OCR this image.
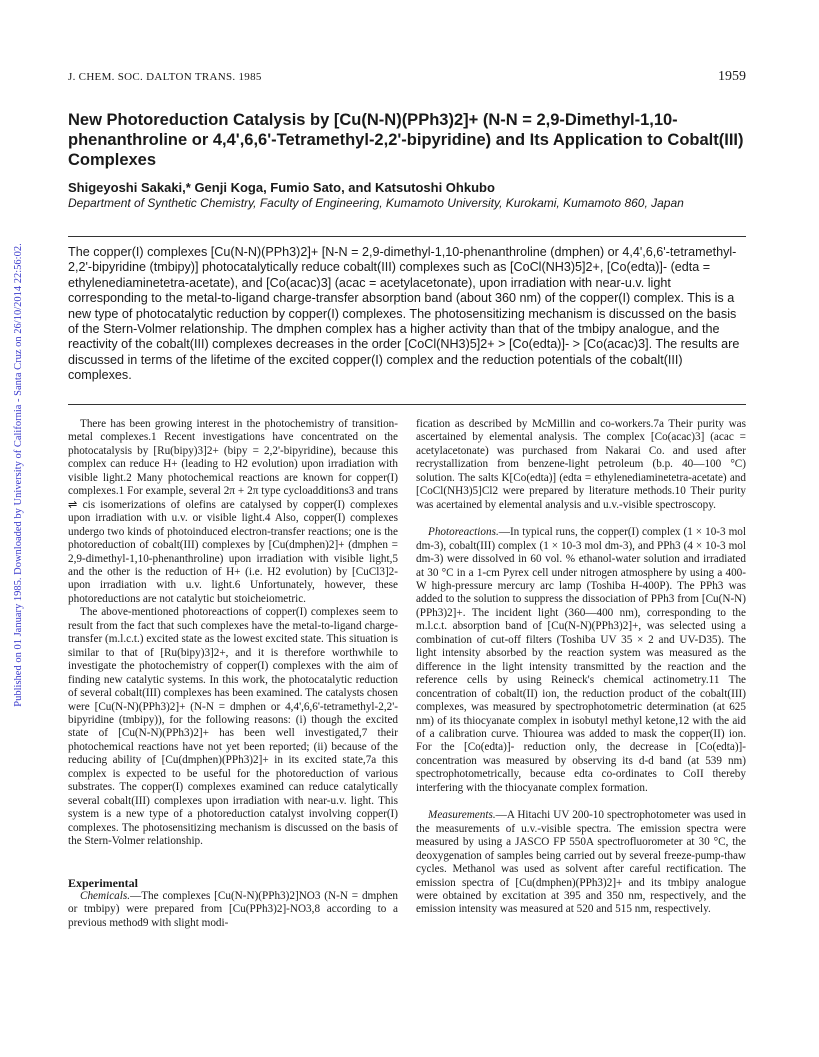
Published on 01 January 1985. Downloaded by University of California - Santa Cruz on 26/10/2014 22:56:02.
J. CHEM. SOC. DALTON TRANS. 1985	1959
New Photoreduction Catalysis by [Cu(N-N)(PPh3)2]+ (N-N = 2,9-Dimethyl-1,10-phenanthroline or 4,4',6,6'-Tetramethyl-2,2'-bipyridine) and Its Application to Cobalt(III) Complexes
Shigeyoshi Sakaki,* Genji Koga, Fumio Sato, and Katsutoshi Ohkubo
Department of Synthetic Chemistry, Faculty of Engineering, Kumamoto University, Kurokami, Kumamoto 860, Japan
The copper(I) complexes [Cu(N-N)(PPh3)2]+ [N-N = 2,9-dimethyl-1,10-phenanthroline (dmphen) or 4,4',6,6'-tetramethyl-2,2'-bipyridine (tmbipy)] photocatalytically reduce cobalt(III) complexes such as [CoCl(NH3)5]2+, [Co(edta)]- (edta = ethylenediaminetetra-acetate), and [Co(acac)3] (acac = acetylacetonate), upon irradiation with near-u.v. light corresponding to the metal-to-ligand charge-transfer absorption band (about 360 nm) of the copper(I) complex. This is a new type of photocatalytic reduction by copper(I) complexes. The photosensitizing mechanism is discussed on the basis of the Stern-Volmer relationship. The dmphen complex has a higher activity than that of the tmbipy analogue, and the reactivity of the cobalt(III) complexes decreases in the order [CoCl(NH3)5]2+ > [Co(edta)]- > [Co(acac)3]. The results are discussed in terms of the lifetime of the excited copper(I) complex and the reduction potentials of the cobalt(III) complexes.

There has been growing interest in the photochemistry of transition-metal complexes.1 Recent investigations have concentrated on the photocatalysis by [Ru(bipy)3]2+ (bipy = 2,2'-bipyridine), because this complex can reduce H+ (leading to H2 evolution) upon irradiation with visible light.2 Many photochemical reactions are known for copper(I) complexes.1 For example, several 2π + 2π type cycloadditions3 and trans ⇌ cis isomerizations of olefins are catalysed by copper(I) complexes upon irradiation with u.v. or visible light.4 Also, copper(I) complexes undergo two kinds of photoinduced electron-transfer reactions; one is the photoreduction of cobalt(III) complexes by [Cu(dmphen)2]+ (dmphen = 2,9-dimethyl-1,10-phenanthroline) upon irradiation with visible light,5 and the other is the reduction of H+ (i.e. H2 evolution) by [CuCl3]2- upon irradiation with u.v. light.6 Unfortunately, however, these photoreductions are not catalytic but stoicheiometric.

The above-mentioned photoreactions of copper(I) complexes seem to result from the fact that such complexes have the metal-to-ligand charge-transfer (m.l.c.t.) excited state as the lowest excited state. This situation is similar to that of [Ru(bipy)3]2+, and it is therefore worthwhile to investigate the photochemistry of copper(I) complexes with the aim of finding new catalytic systems. In this work, the photocatalytic reduction of several cobalt(III) complexes has been examined. The catalysts chosen were [Cu(N-N)(PPh3)2]+ (N-N = dmphen or 4,4',6,6'-tetramethyl-2,2'-bipyridine (tmbipy)), for the following reasons: (i) though the excited state of [Cu(N-N)(PPh3)2]+ has been well investigated,7 their photochemical reactions have not yet been reported; (ii) because of the reducing ability of [Cu(dmphen)(PPh3)2]+ in its excited state,7a this complex is expected to be useful for the photoreduction of various substrates. The copper(I) complexes examined can reduce catalytically several cobalt(III) complexes upon irradiation with near-u.v. light. This system is a new type of a photoreduction catalyst involving copper(I) complexes. The photosensitizing mechanism is discussed on the basis of the Stern-Volmer relationship.

Experimental

Chemicals.—The complexes [Cu(N-N)(PPh3)2]NO3 (N-N = dmphen or tmbipy) were prepared from [Cu(PPh3)2]-NO3,8 according to a previous method9 with slight modi-

fication as described by McMillin and co-workers.7a Their purity was ascertained by elemental analysis. The complex [Co(acac)3] (acac = acetylacetonate) was purchased from Nakarai Co. and used after recrystallization from benzene-light petroleum (b.p. 40—100 °C) solution. The salts K[Co(edta)] (edta = ethylenediaminetetra-acetate) and [CoCl(NH3)5]Cl2 were prepared by literature methods.10 Their purity was acertained by elemental analysis and u.v.-visible spectroscopy.

Photoreactions.—In typical runs, the copper(I) complex (1 × 10-3 mol dm-3), cobalt(III) complex (1 × 10-3 mol dm-3), and PPh3 (4 × 10-3 mol dm-3) were dissolved in 60 vol. % ethanol-water solution and irradiated at 30 °C in a 1-cm Pyrex cell under nitrogen atmosphere by using a 400-W high-pressure mercury arc lamp (Toshiba H-400P). The PPh3 was added to the solution to suppress the dissociation of PPh3 from [Cu(N-N)(PPh3)2]+. The incident light (360—400 nm), corresponding to the m.l.c.t. absorption band of [Cu(N-N)(PPh3)2]+, was selected using a combination of cut-off filters (Toshiba UV 35 × 2 and UV-D35). The light intensity absorbed by the reaction system was measured as the difference in the light intensity transmitted by the reaction and the reference cells by using Reineck's chemical actinometry.11 The concentration of cobalt(II) ion, the reduction product of the cobalt(III) complexes, was measured by spectrophotometric determination (at 625 nm) of its thiocyanate complex in isobutyl methyl ketone,12 with the aid of a calibration curve. Thiourea was added to mask the copper(II) ion. For the [Co(edta)]- reduction only, the decrease in [Co(edta)]- concentration was measured by observing its d-d band (at 539 nm) spectrophotometrically, because edta co-ordinates to CoII thereby interfering with the thiocyanate complex formation.

Measurements.—A Hitachi UV 200-10 spectrophotometer was used in the measurements of u.v.-visible spectra. The emission spectra were measured by using a JASCO FP 550A spectrofluorometer at 30 °C, the deoxygenation of samples being carried out by several freeze-pump-thaw cycles. Methanol was used as solvent after careful rectification. The emission spectra of [Cu(dmphen)(PPh3)2]+ and its tmbipy analogue were obtained by excitation at 395 and 350 nm, respectively, and the emission intensity was measured at 520 and 515 nm, respectively.
